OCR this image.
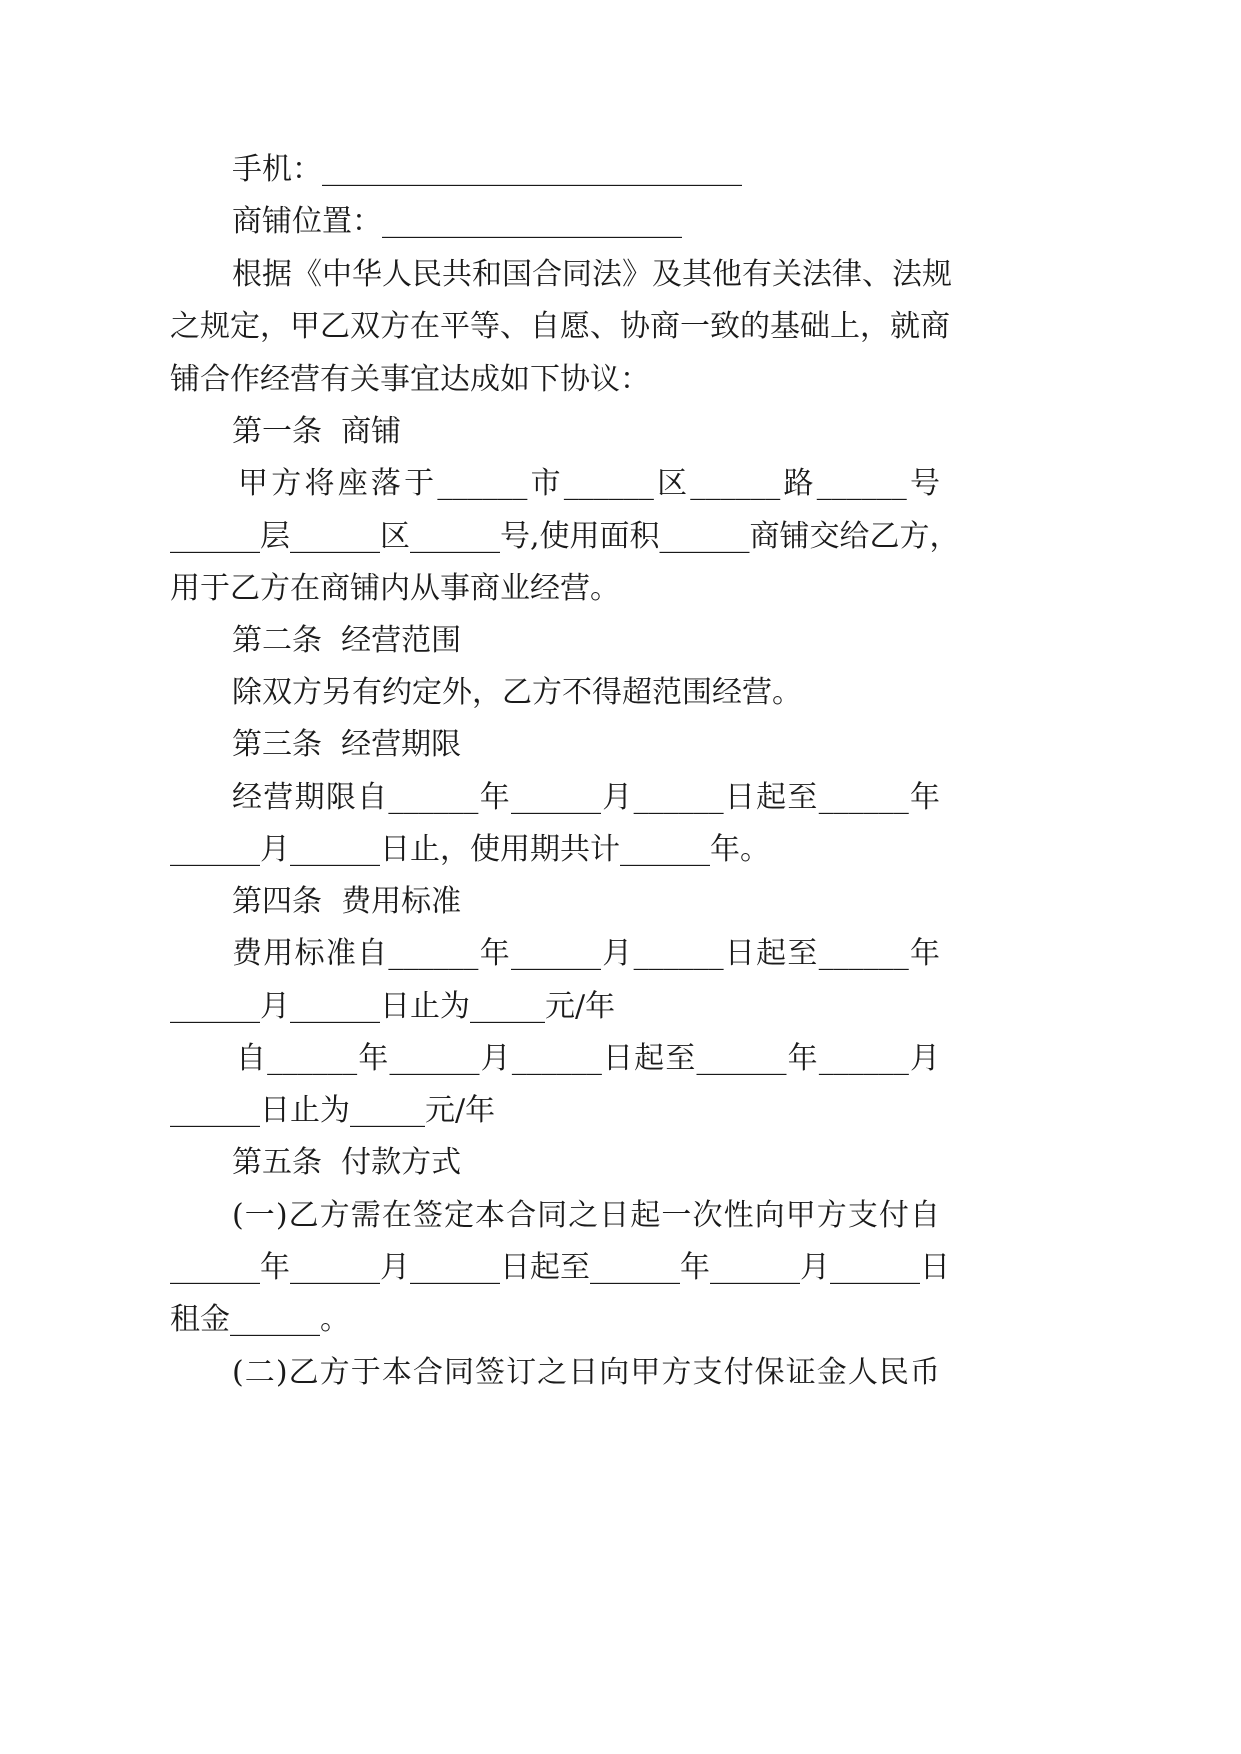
手机：____________________________
商铺位置：____________________
根据《中华人民共和国合同法》及其他有关法律、法规
之规定，甲乙双方在平等、自愿、协商一致的基础上，就商
铺合作经营有关事宜达成如下协议：
第一条  商铺
甲方将座落于______市______区______路______号
______层______区______号,使用面积______商铺交给乙方，
用于乙方在商铺内从事商业经营。
第二条  经营范围
除双方另有约定外，乙方不得超范围经营。
第三条  经营期限
经营期限自______年______月______日起至______年
______月______日止，使用期共计______年。
第四条  费用标准
费用标准自______年______月______日起至______年
______月______日止为_____元/年
自______年______月______日起至______年______月
______日止为_____元/年
第五条  付款方式
(一)乙方需在签定本合同之日起一次性向甲方支付自
______年______月______日起至______年______月______日
租金______。
(二)乙方于本合同签订之日向甲方支付保证金人民币
